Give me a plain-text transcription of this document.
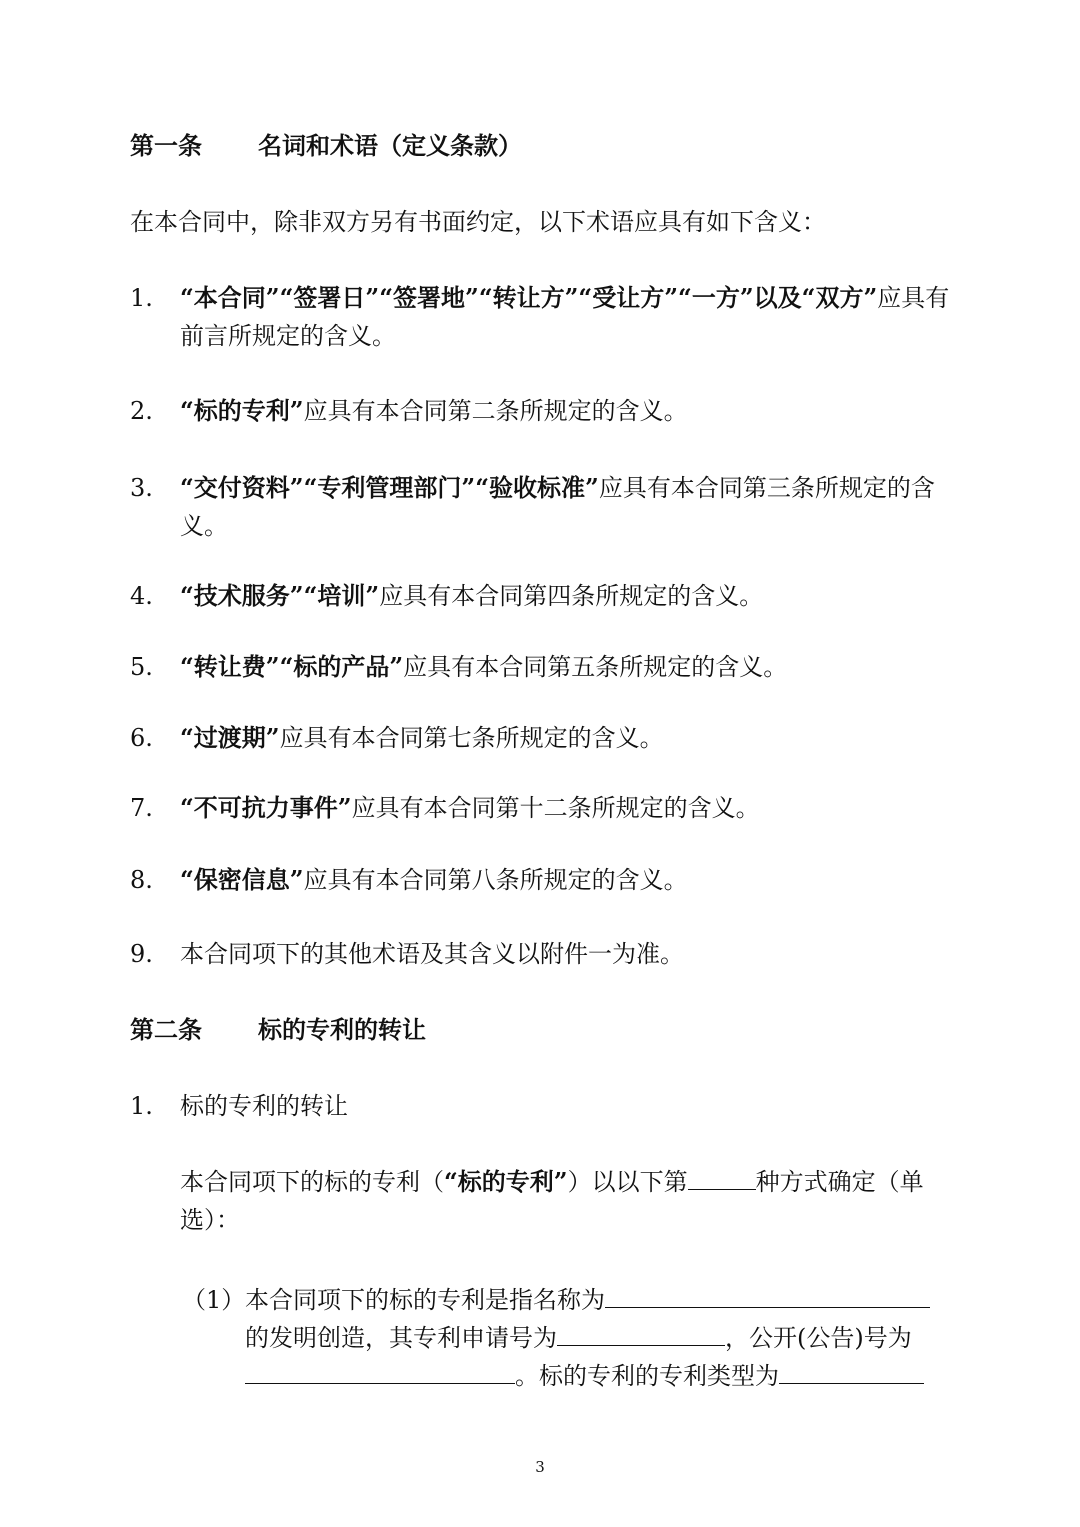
第一条 名词和术语（定义条款）
在本合同中，除非双方另有书面约定，以下术语应具有如下含义：
1. “本合同”“签署日”“签署地”“转让方”“受让方”“一方”以及“双方”应具有前言所规定的含义。
2. “标的专利”应具有本合同第二条所规定的含义。
3. “交付资料”“专利管理部门”“验收标准”应具有本合同第三条所规定的含义。
4. “技术服务”“培训”应具有本合同第四条所规定的含义。
5. “转让费”“标的产品”应具有本合同第五条所规定的含义。
6. “过渡期”应具有本合同第七条所规定的含义。
7. “不可抗力事件”应具有本合同第十二条所规定的含义。
8. “保密信息”应具有本合同第八条所规定的含义。
9. 本合同项下的其他术语及其含义以附件一为准。
第二条 标的专利的转让
1. 标的专利的转让
本合同项下的标的专利（“标的专利”）以以下第	种方式确定（单选）：
（1） 本合同项下的标的专利是指名称为的发明创造，其专利申请号为	，公开(公告)号为。标的专利的专利类型为
3
